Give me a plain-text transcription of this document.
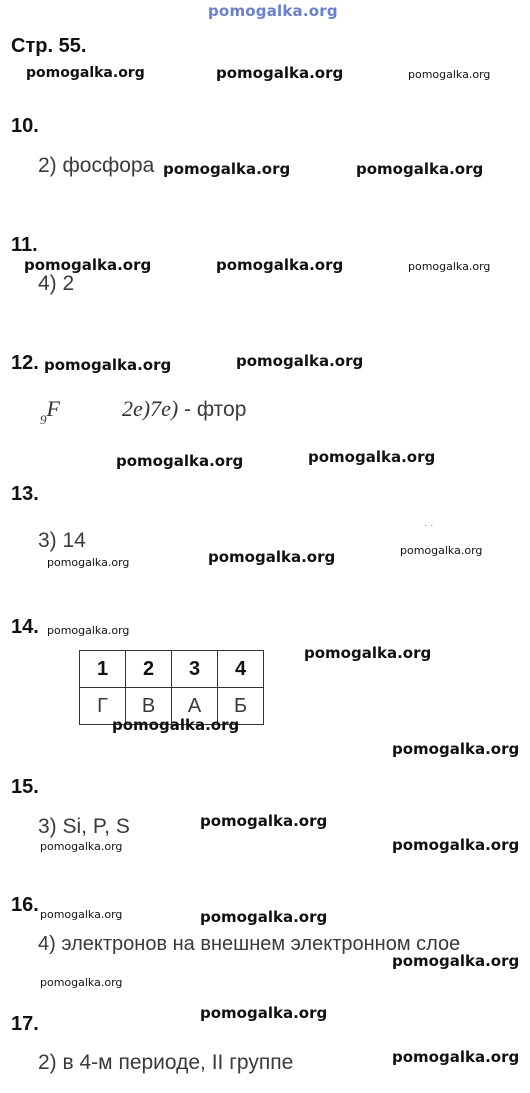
pomogalka.org
Стр. 55.
10.
2) фосфора
11.
4) 2
12.
$_9$F	2e)7e) - фтор
13.
3) 14
14.
1	2	3	4
Г	В	А	Б
15.
3) Si, P, S
16.
4) электронов на внешнем электронном слое
17.
2) в 4-м периоде, II группе
pomogalka.org	pomogalka.org	pomogalka.org
pomogalka.org	pomogalka.org
pomogalka.org	pomogalka.org	pomogalka.org
pomogalka.org	pomogalka.org
pomogalka.org	pomogalka.org
· ·
pomogalka.org	pomogalka.org	pomogalka.org
pomogalka.org
pomogalka.org
pomogalka.org
pomogalka.org
pomogalka.org
pomogalka.org	pomogalka.org
pomogalka.org	pomogalka.org
pomogalka.org
pomogalka.org
pomogalka.org
pomogalka.org
